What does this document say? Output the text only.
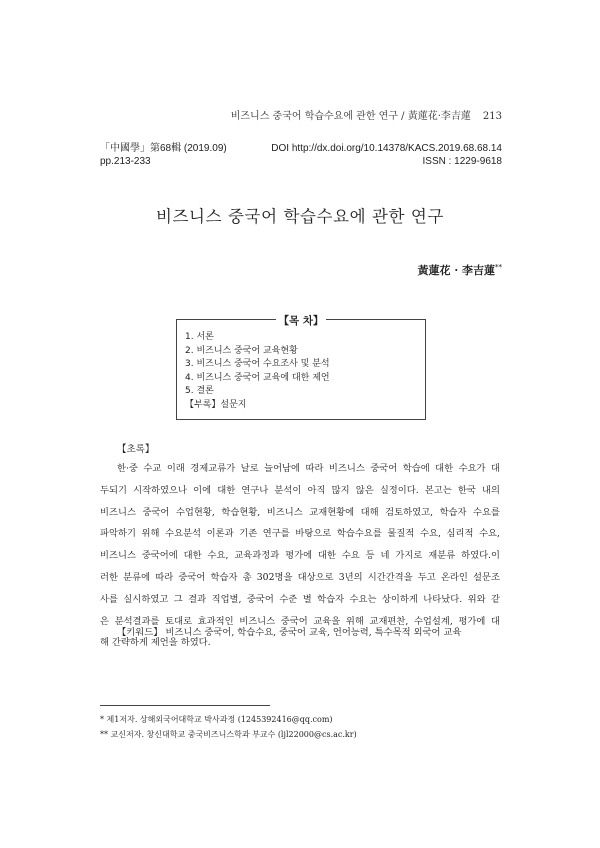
비즈니스 중국어 학습수요에 관한 연구 / 黃蓮花·李吉蓮 213
「中國學」第68輯 (2019.09)
pp.213-233
DOI http://dx.doi.org/10.14378/KACS.2019.68.68.14
ISSN : 1229-9618
비즈니스 중국어 학습수요에 관한 연구
黃蓮花 · 李吉蓮**
【목 차】
1. 서론
2. 비즈니스 중국어 교육현황
3. 비즈니스 중국어 수요조사 및 분석
4. 비즈니스 중국어 교육에 대한 제언
5. 결론
【부록】설문지
【초록】
한·중 수교 이래 경제교류가 날로 늘어남에 따라 비즈니스 중국어 학습에 대한 수요가 대
두되기 시작하였으나 이에 대한 연구나 분석이 아직 많지 않은 실정이다. 본고는 한국 내의
비즈니스 중국어 수업현황, 학습현황, 비즈니스 교재현황에 대해 검토하였고, 학습자 수요를
파악하기 위해 수요분석 이론과 기존 연구를 바탕으로 학습수요를 물질적 수요, 심리적 수요,
비즈니스 중국어에 대한 수요, 교육과정과 평가에 대한 수요 등 네 가지로 재분류 하였다.이
러한 분류에 따라 중국어 학습자 총 302명을 대상으로 3년의 시간간격을 두고 온라인 설문조
사를 실시하였고 그 결과 직업별, 중국어 수준 별 학습자 수요는 상이하게 나타났다. 위와 같
은 분석결과를 토대로 효과적인 비즈니스 중국어 교육을 위해 교재편찬, 수업설계, 평가에 대
해 간략하게 제언을 하였다.
【키워드】 비즈니스 중국어, 학습수요, 중국어 교육, 언어능력, 특수목적 외국어 교육
* 제1저자. 상해외국어대학교 박사과정 (1245392416@qq.com)
** 교신저자. 창신대학교 중국비즈니스학과 부교수 (ljl22000@cs.ac.kr)
